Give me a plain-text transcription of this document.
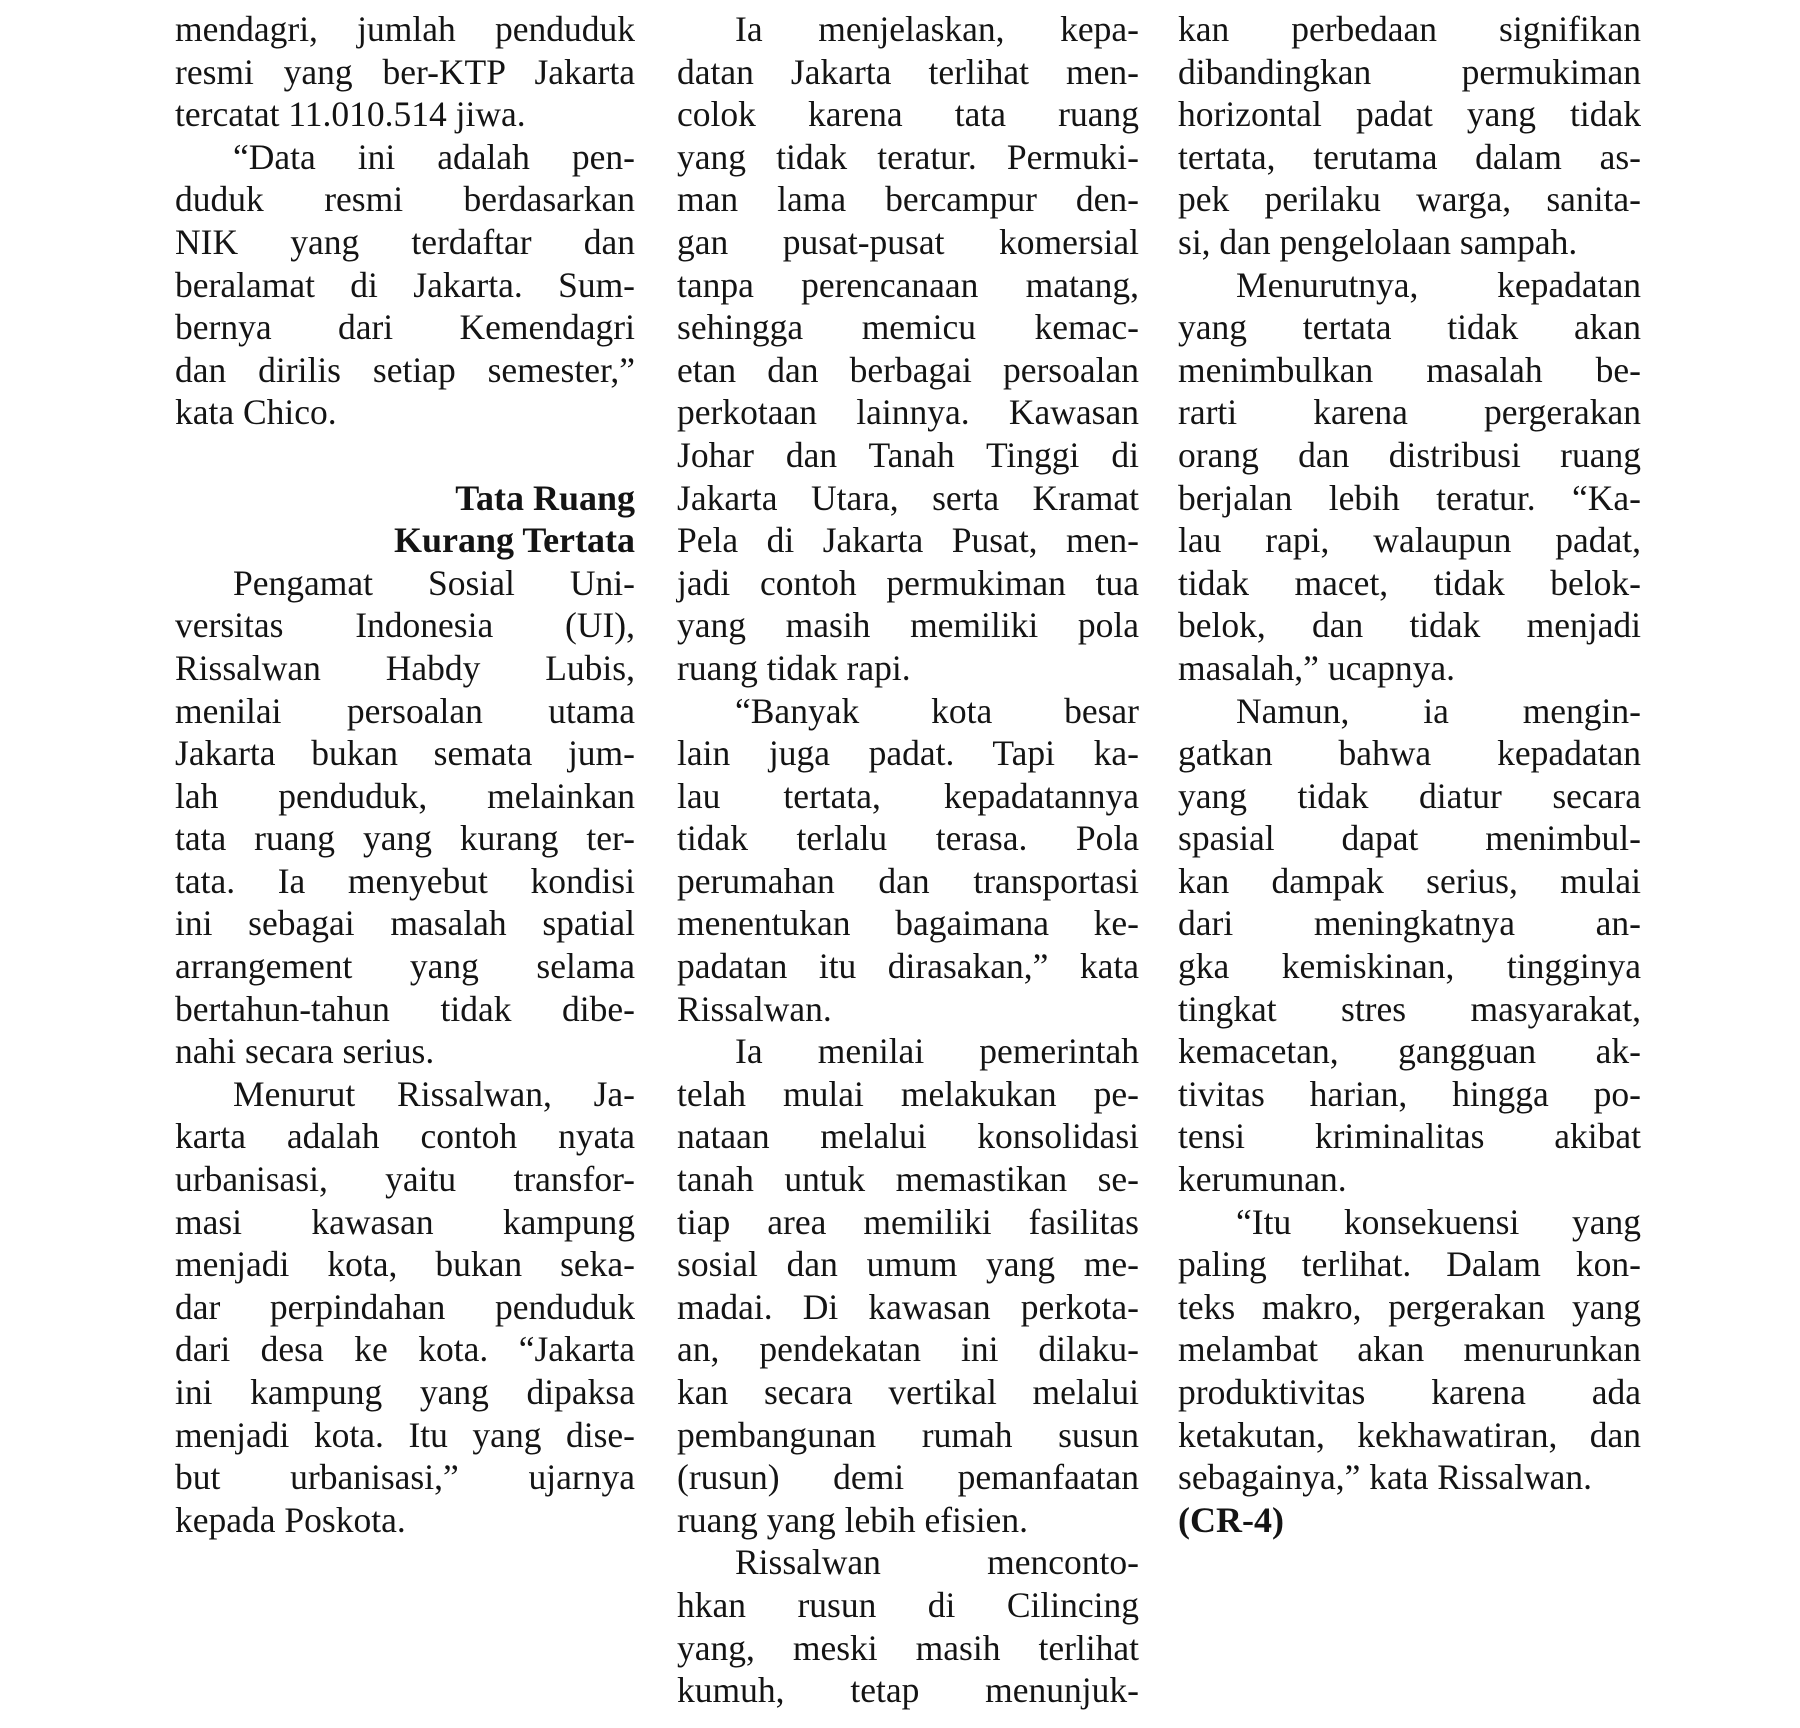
mendagri, jumlah penduduk
resmi yang ber-KTP Jakarta
tercatat 11.010.514 jiwa.
“Data ini adalah pen-
duduk resmi berdasarkan
NIK yang terdaftar dan
beralamat di Jakarta. Sum-
bernya dari Kemendagri
dan dirilis setiap semester,”
kata Chico.
Tata Ruang
Kurang Tertata
Pengamat Sosial Uni-
versitas Indonesia (UI),
Rissalwan Habdy Lubis,
menilai persoalan utama
Jakarta bukan semata jum-
lah penduduk, melainkan
tata ruang yang kurang ter-
tata. Ia menyebut kondisi
ini sebagai masalah spatial
arrangement yang selama
bertahun-tahun tidak dibe-
nahi secara serius.
Menurut Rissalwan, Ja-
karta adalah contoh nyata
urbanisasi, yaitu transfor-
masi kawasan kampung
menjadi kota, bukan seka-
dar perpindahan penduduk
dari desa ke kota. “Jakarta
ini kampung yang dipaksa
menjadi kota. Itu yang dise-
but urbanisasi,” ujarnya
kepada Poskota.
Ia menjelaskan, kepa-
datan Jakarta terlihat men-
colok karena tata ruang
yang tidak teratur. Permuki-
man lama bercampur den-
gan pusat-pusat komersial
tanpa perencanaan matang,
sehingga memicu kemac-
etan dan berbagai persoalan
perkotaan lainnya. Kawasan
Johar dan Tanah Tinggi di
Jakarta Utara, serta Kramat
Pela di Jakarta Pusat, men-
jadi contoh permukiman tua
yang masih memiliki pola
ruang tidak rapi.
“Banyak kota besar
lain juga padat. Tapi ka-
lau tertata, kepadatannya
tidak terlalu terasa. Pola
perumahan dan transportasi
menentukan bagaimana ke-
padatan itu dirasakan,” kata
Rissalwan.
Ia menilai pemerintah
telah mulai melakukan pe-
nataan melalui konsolidasi
tanah untuk memastikan se-
tiap area memiliki fasilitas
sosial dan umum yang me-
madai. Di kawasan perkota-
an, pendekatan ini dilaku-
kan secara vertikal melalui
pembangunan rumah susun
(rusun) demi pemanfaatan
ruang yang lebih efisien.
Rissalwan menconto-
hkan rusun di Cilincing
yang, meski masih terlihat
kumuh, tetap menunjuk-
kan perbedaan signifikan
dibandingkan permukiman
horizontal padat yang tidak
tertata, terutama dalam as-
pek perilaku warga, sanita-
si, dan pengelolaan sampah.
Menurutnya, kepadatan
yang tertata tidak akan
menimbulkan masalah be-
rarti karena pergerakan
orang dan distribusi ruang
berjalan lebih teratur. “Ka-
lau rapi, walaupun padat,
tidak macet, tidak belok-
belok, dan tidak menjadi
masalah,” ucapnya.
Namun, ia mengin-
gatkan bahwa kepadatan
yang tidak diatur secara
spasial dapat menimbul-
kan dampak serius, mulai
dari meningkatnya an-
gka kemiskinan, tingginya
tingkat stres masyarakat,
kemacetan, gangguan ak-
tivitas harian, hingga po-
tensi kriminalitas akibat
kerumunan.
“Itu konsekuensi yang
paling terlihat. Dalam kon-
teks makro, pergerakan yang
melambat akan menurunkan
produktivitas karena ada
ketakutan, kekhawatiran, dan
sebagainya,” kata Rissalwan.
(CR-4)
